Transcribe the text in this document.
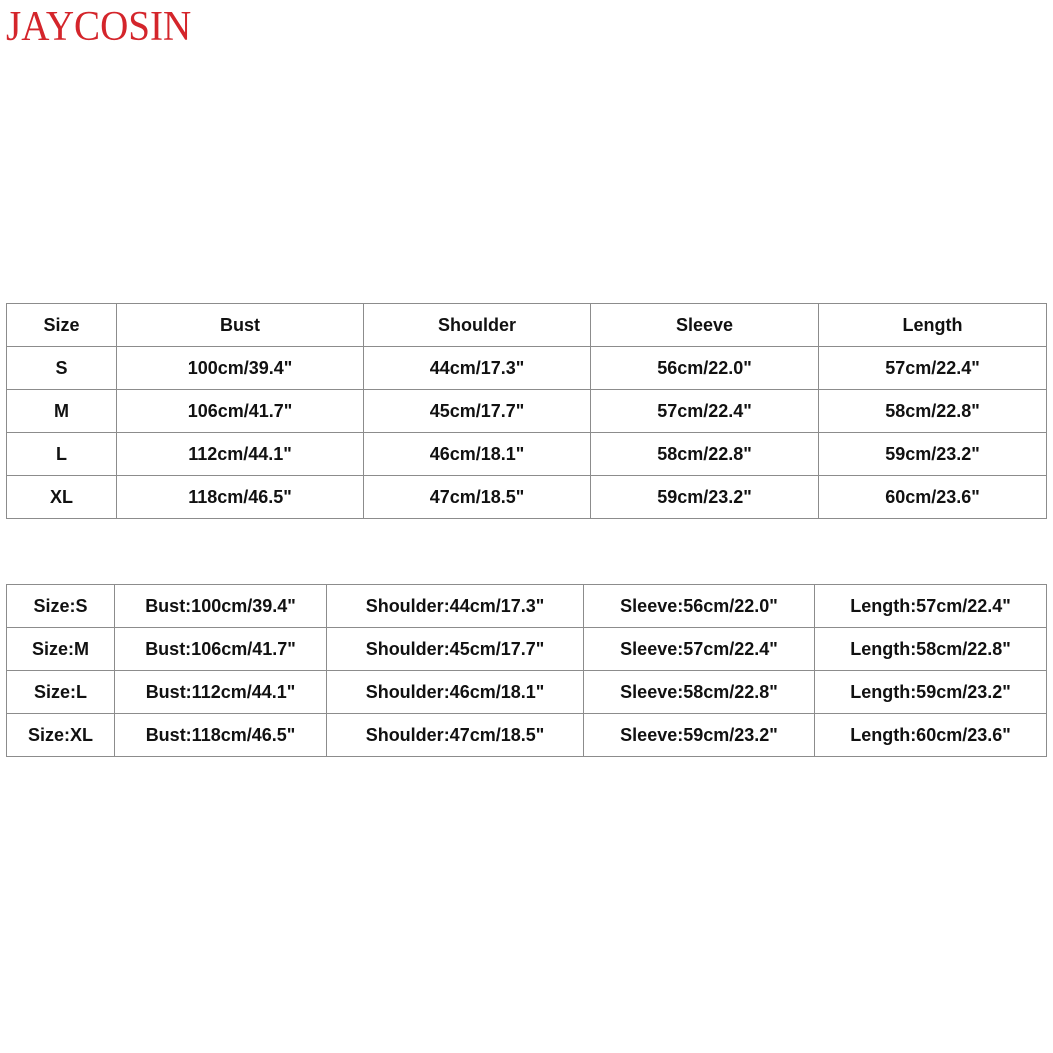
JAYCOSIN
Size	Bust	Shoulder	Sleeve	Length
S	100cm/39.4"	44cm/17.3"	56cm/22.0"	57cm/22.4"
M	106cm/41.7"	45cm/17.7"	57cm/22.4"	58cm/22.8"
L	112cm/44.1"	46cm/18.1"	58cm/22.8"	59cm/23.2"
XL	118cm/46.5"	47cm/18.5"	59cm/23.2"	60cm/23.6"
Size:S	Bust:100cm/39.4"	Shoulder:44cm/17.3"	Sleeve:56cm/22.0"	Length:57cm/22.4"
Size:M	Bust:106cm/41.7"	Shoulder:45cm/17.7"	Sleeve:57cm/22.4"	Length:58cm/22.8"
Size:L	Bust:112cm/44.1"	Shoulder:46cm/18.1"	Sleeve:58cm/22.8"	Length:59cm/23.2"
Size:XL	Bust:118cm/46.5"	Shoulder:47cm/18.5"	Sleeve:59cm/23.2"	Length:60cm/23.6"
